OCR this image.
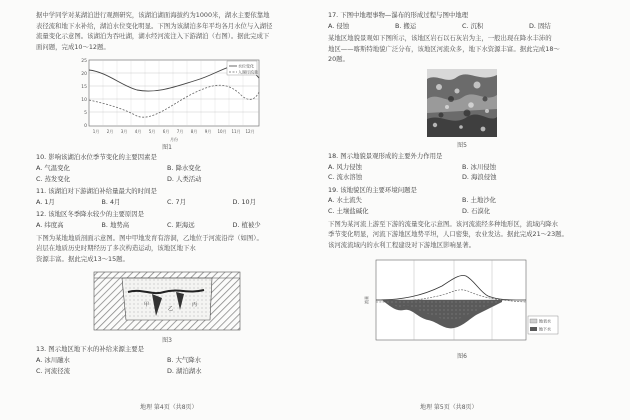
据中学同学对某湖泊进行观测研究，该湖泊湖面海拔约为1000米，湖水主要依靠地
表径流和地下水补给，湖泊水位变化明显。下图为该湖泊多年平均各月水位与入湖径
流量变化示意图。该湖泊为吞吐湖，湖水经河流注入下游湖泊（右图）。据此完成下
面问题，完成10～12题。
水位变化
入湖径流量
25
20
15
10
5
0
1月 2月 3月 4月 5月 6月 7月 8月 9月 10月 11月 12月
月份
图1
10. 影响该湖泊水位季节变化的主要因素是
A. 气温变化	B. 降水变化
C. 蒸发变化	D. 人类活动
11. 该湖泊对下游湖泊补给量最大的时间是
A. 1月	B. 4月	C. 7月	D. 10月
12. 该地区冬季降水较少的主要原因是
A. 纬度高	B. 地势高	C. 距海远	D. 植被少
下图为某地地质剖面示意图。图中甲地发育有溶洞，乙地位于河流沿岸（如图）。
岩层在地质历史时期经历了多次构造运动，该地区地下水
资源丰富。据此完成13～15题。
甲
乙
丙
图3
13. 图示地区地下水的补给来源主要是
A. 冰川融水	B. 大气降水
C. 河流径流	D. 湖泊湖水
地理 第4页（共8页）
17. 下图中地理事物—瀑布的形成过程与图中地理
A. 侵蚀	B. 搬运	C. 沉积	D. 固结
某地区地貌景观如下图所示，该地区岩石以石灰岩为主，一般出现在降水丰沛的
地区——喀斯特地貌广泛分布，该地区河流众多，地下水资源丰富。据此完成18～
20题。
图5
18. 图示地貌景观形成的主要外力作用是
A. 风力侵蚀	B. 冰川侵蚀
C. 流水溶蚀	D. 海浪侵蚀
19. 该地貌区的主要环境问题是
A. 水土流失	B. 土地沙化
C. 土壤盐碱化	D. 石漠化
下图为某河流上游至下游的流量变化示意图。该河流流经多种地形区，流域内降水
季节变化明显，河流下游地区地势平坦，人口密集，农业发达。据此完成21～23题。
该河流流域内的水利工程建设对下游地区影响显著。
流量
地表水
地下水
图6
地理 第5页（共8页）
